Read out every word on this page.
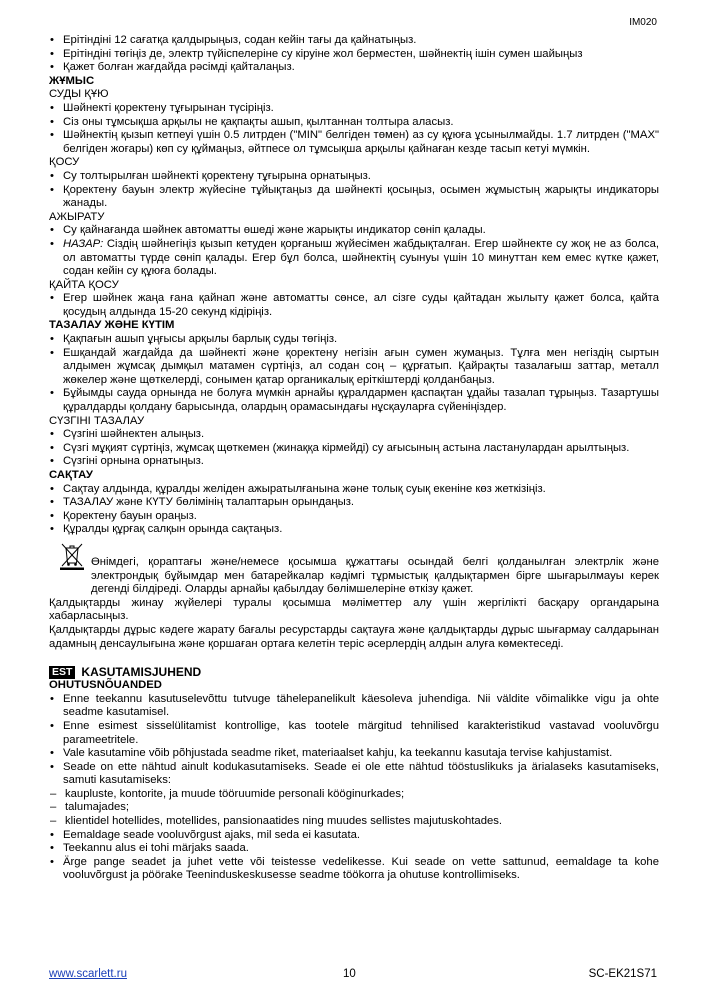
IM020
• Ерітіндіні 12 сағатқа қалдырыңыз, содан кейін тағы да қайнатыңыз.
• Ерітіндіні төгіңіз де, электр түйіспелеріне су кіруіне жол берместен, шәйнектің ішін сумен шайыңыз
• Қажет болған жағдайда рәсімді қайталаңыз.
ЖҰМЫС
СУДЫ ҚҰЮ
• Шәйнекті қоректену тұғырынан түсіріңіз.
• Сіз оны тұмсықша арқылы не қақпақты ашып, қылтаннан толтыра аласыз.
• Шәйнектің қызып кетпеуі үшін 0.5 литрден ("MIN" белгіден төмен) аз су құюға ұсынылмайды. 1.7 литрден ("MAX" белгіден жоғары) көп су құймаңыз, әйтпесе ол тұмсықша арқылы қайнаған кезде тасып кетуі мүмкін.
ҚОСУ
• Су толтырылған шәйнекті қоректену тұғырына орнатыңыз.
• Қоректену бауын электр жүйесіне тұйықтаңыз да шәйнекті қосыңыз, осымен жұмыстың жарықты индикаторы жанады.
АЖЫРАТУ
• Су қайнағанда шәйнек автоматты өшеді және жарықты индикатор сөніп қалады.
• НАЗАР: Сіздің шәйнегіңіз қызып кетуден қорғаныш жүйесімен жабдықталған. Егер шәйнекте су жоқ не аз болса, ол автоматты түрде сөніп қалады. Егер бұл болса, шәйнектің суынуы үшін 10 минуттан кем емес күтке қажет, содан кейін су құюға болады.
ҚАЙТА ҚОСУ
• Егер шәйнек жаңа ғана қайнап және автоматты сөнсе, ал сізге суды қайтадан жылыту қажет болса, қайта қосудың алдында 15-20 секунд кідіріңіз.
ТАЗАЛАУ ЖӘНЕ КҮТІМ
• Қақпағын ашып ұңғысы арқылы барлық суды төгіңіз.
• Ешқандай жағдайда да шәйнекті және қоректену негізін ағын сумен жумаңыз. Тұлға мен негіздің сыртын алдымен жұмсақ дымқыл матамен сүртіңіз, ал содан соң – құрғатып. Қайрақты тазалағыш заттар, металл жөкелер және щөткелерді, сонымен қатар органикалық еріткіштерді қолданбаңыз.
• Бұйымды сауда орнында не болуға мүмкін арнайы құралдармен қаспақтан ұдайы тазалап тұрыңыз. Тазартушы құралдарды қолдану барысында, олардың орамасындағы нұсқауларға сүйеніңіздер.
СҮЗГІНІ ТАЗАЛАУ
• Сүзгіні шәйнектен алыңыз.
• Сүзгі мұқият сүртіңіз, жұмсақ щөткемен (жинаққа кірмейді) су ағысының астына ластанулардан арылтыңыз.
• Сүзгіні орнына орнатыңыз.
САҚТАУ
• Сақтау алдында, құралды желіден ажыратылғанына және толық суық екеніне көз жеткізіңіз.
• ТАЗАЛАУ және КҮТУ бөлімінің талаптарын орындаңыз.
• Қоректену бауын ораңыз.
• Құралды құрғақ салқын орында сақтаңыз.
Өнімдегі, қораптағы және/немесе қосымша құжаттағы осындай белгі қолданылған электрлік және электрондық бұйымдар мен батарейкалар кәдімгі тұрмыстық қалдықтармен бірге шығарылмауы керек дегенді білдіреді. Оларды арнайы қабылдау бөлімшелеріне өткізу қажет.
Қалдықтарды жинау жүйелері туралы қосымша мәліметтер алу үшін жергілікті басқару органдарына хабарласыңыз.
Қалдықтарды дұрыс кәдеге жарату бағалы ресурстарды сақтауға және қалдықтарды дұрыс шығармау салдарынан адамның денсаулығына және қоршаған ортаға келетін теріс әсерлердің алдын алуға көмектеседі.
EST KASUTAMISJUHEND
OHUTUSNÕUANDED
• Enne teekannu kasutuselevõttu tutvuge tähelepanelikult käesoleva juhendiga. Nii väldite võimalikke vigu ja ohte seadme kasutamisel.
• Enne esimest sisselülitamist kontrollige, kas tootele märgitud tehnilised karakteristikud vastavad vooluvõrgu parameetritele.
• Vale kasutamine võib põhjustada seadme riket, materiaalset kahju, ka teekannu kasutaja tervise kahjustamist.
• Seade on ette nähtud ainult kodukasutamiseks. Seade ei ole ette nähtud tööstuslikuks ja ärialaseks kasutamiseks, samuti kasutamiseks:
– kaupluste, kontorite, ja muude tööruumide personali kööginurkades;
– talumajades;
– klientidel hotellides, motellides, pansionaatides ning muudes sellistes majutuskohtades.
• Eemaldage seade vooluvõrgust ajaks, mil seda ei kasutata.
• Teekannu alus ei tohi märjaks saada.
• Ärge pange seadet ja juhet vette või teistesse vedelikesse. Kui seade on vette sattunud, eemaldage ta kohe vooluvõrgust ja pöörake Teeninduskeskusesse seadme töökorra ja ohutuse kontrollimiseks.
www.scarlett.ru	10	SC-EK21S71
